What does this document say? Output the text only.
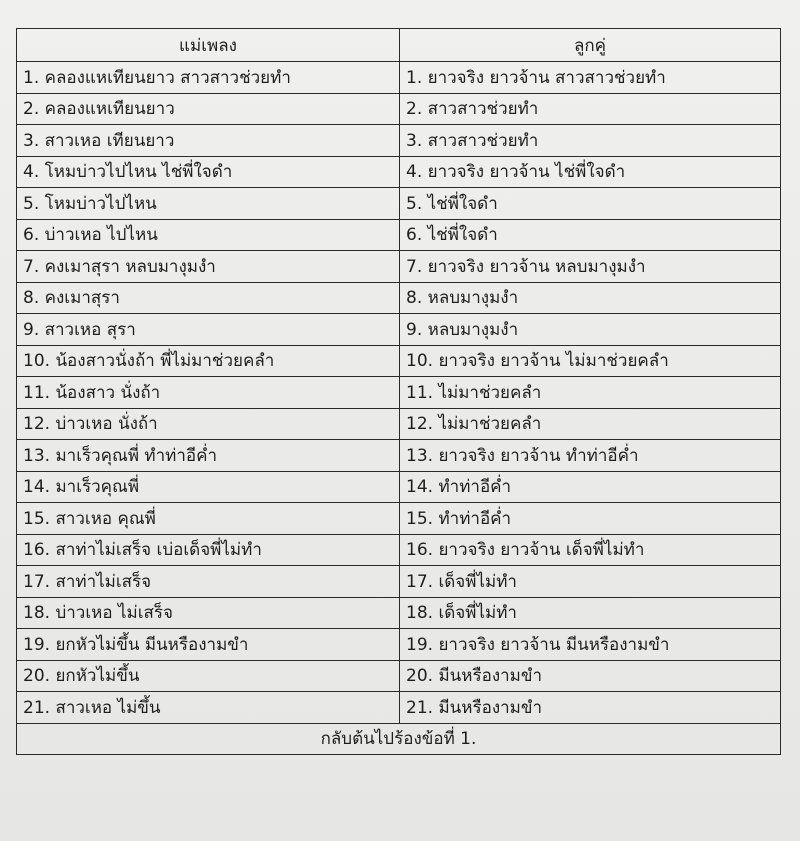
แม่เพลง	ลูกคู่
1. คลองแหเทียนยาว สาวสาวช่วยทำ	1. ยาวจริง ยาวจ้าน สาวสาวช่วยทำ
2. คลองแหเทียนยาว	2. สาวสาวช่วยทำ
3. สาวเหอ เทียนยาว	3. สาวสาวช่วยทำ
4. โหมบ่าวไปไหน ไช่พี่ใจดำ	4. ยาวจริง ยาวจ้าน ไช่พี่ใจดำ
5. โหมบ่าวไปไหน	5. ไช่พี่ใจดำ
6. บ่าวเหอ ไปไหน	6. ไช่พี่ใจดำ
7. คงเมาสุรา หลบมางุมงำ	7. ยาวจริง ยาวจ้าน หลบมางุมงำ
8. คงเมาสุรา	8. หลบมางุมงำ
9. สาวเหอ สุรา	9. หลบมางุมงำ
10. น้องสาวนั่งถ้า พี่ไม่มาช่วยคลำ	10. ยาวจริง ยาวจ้าน ไม่มาช่วยคลำ
11. น้องสาว นั่งถ้า	11. ไม่มาช่วยคลำ
12. บ่าวเหอ นั่งถ้า	12. ไม่มาช่วยคลำ
13. มาเร็วคุณพี่ ทำท่าอีค่ำ	13. ยาวจริง ยาวจ้าน ทำท่าอีค่ำ
14. มาเร็วคุณพี่	14. ทำท่าอีค่ำ
15. สาวเหอ คุณพี่	15. ทำท่าอีค่ำ
16. สาท่าไม่เสร็จ เบ่อเด็จพี่ไม่ทำ	16. ยาวจริง ยาวจ้าน เด็จพี่ไม่ทำ
17. สาท่าไม่เสร็จ	17. เด็จพี่ไม่ทำ
18. บ่าวเหอ ไม่เสร็จ	18. เด็จพี่ไม่ทำ
19. ยกหัวไม่ขึ้น มีนหรืองามขำ	19. ยาวจริง ยาวจ้าน มีนหรืองามขำ
20. ยกหัวไม่ขึ้น	20. มีนหรืองามขำ
21. สาวเหอ ไม่ขึ้น	21. มีนหรืองามขำ
กลับต้นไปร้องข้อที่ 1.	
